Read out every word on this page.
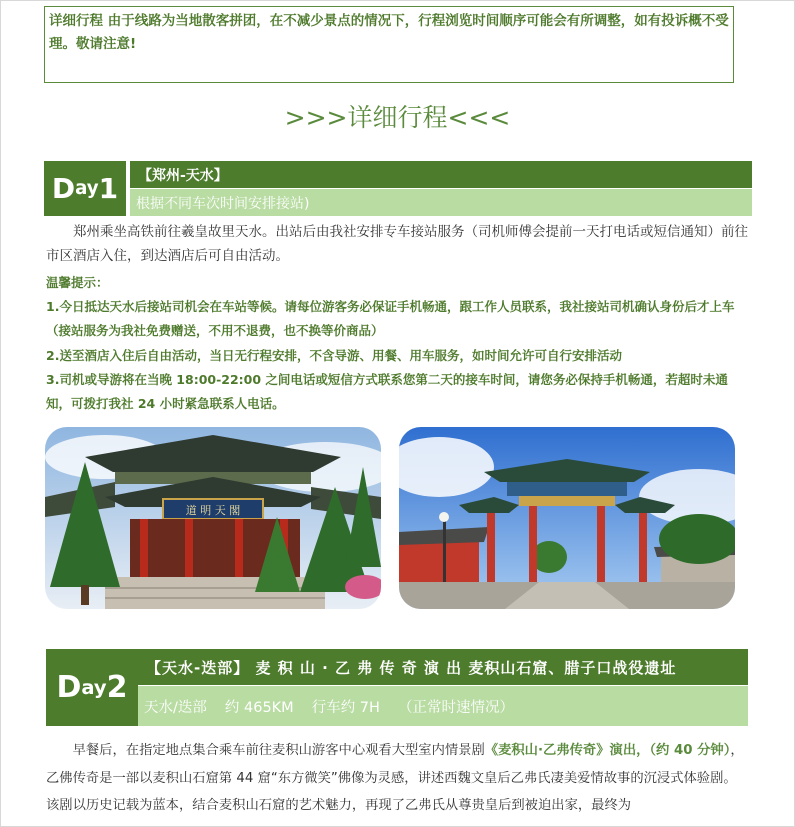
详细行程 由于线路为当地散客拼团，在不减少景点的情况下，行程浏览时间顺序可能会有所调整，如有投诉概不受理。敬请注意!
>>>详细行程<<<
D ay 1	【郑州-天水】
根据不同车次时间安排接站)
郑州乘坐高铁前往羲皇故里天水。出站后由我社安排专车接站服务（司机师傅会提前一天打电话或短信通知）前往市区酒店入住，到达酒店后可自由活动。
温馨提示：
1.今日抵达天水后接站司机会在车站等候。请每位游客务必保证手机畅通，跟工作人员联系，我社接站司机确认身份后才上车（接站服务为我社免费赠送，不用不退费，也不换等价商品）
2.送至酒店入住后自由活动，当日无行程安排，不含导游、用餐、用车服务，如时间允许可自行安排活动
3.司机或导游将在当晚 18:00-22:00 之间电话或短信方式联系您第二天的接车时间，请您务必保持手机畅通，若超时未通知，可拨打我社 24 小时紧急联系人电话。
道 明 天 閣
D ay 2
【天水-迭部】 麦 积 山 · 乙 弗 传 奇 演 出 麦积山石窟、腊子口战役遗址
天水/迭部 约 465KM 行车约 7H （正常时速情况）
早餐后，在指定地点集合乘车前往麦积山游客中心观看大型室内情景剧《麦积山·乙弗传奇》演出，（约 40 分钟），乙佛传奇是一部以麦积山石窟第 44 窟“东方微笑”佛像为灵感，讲述西魏文皇后乙弗氏凄美爱情故事的沉浸式体验剧。该剧以历史记载为蓝本，结合麦积山石窟的艺术魅力，再现了乙弗氏从尊贵皇后到被迫出家，最终为
